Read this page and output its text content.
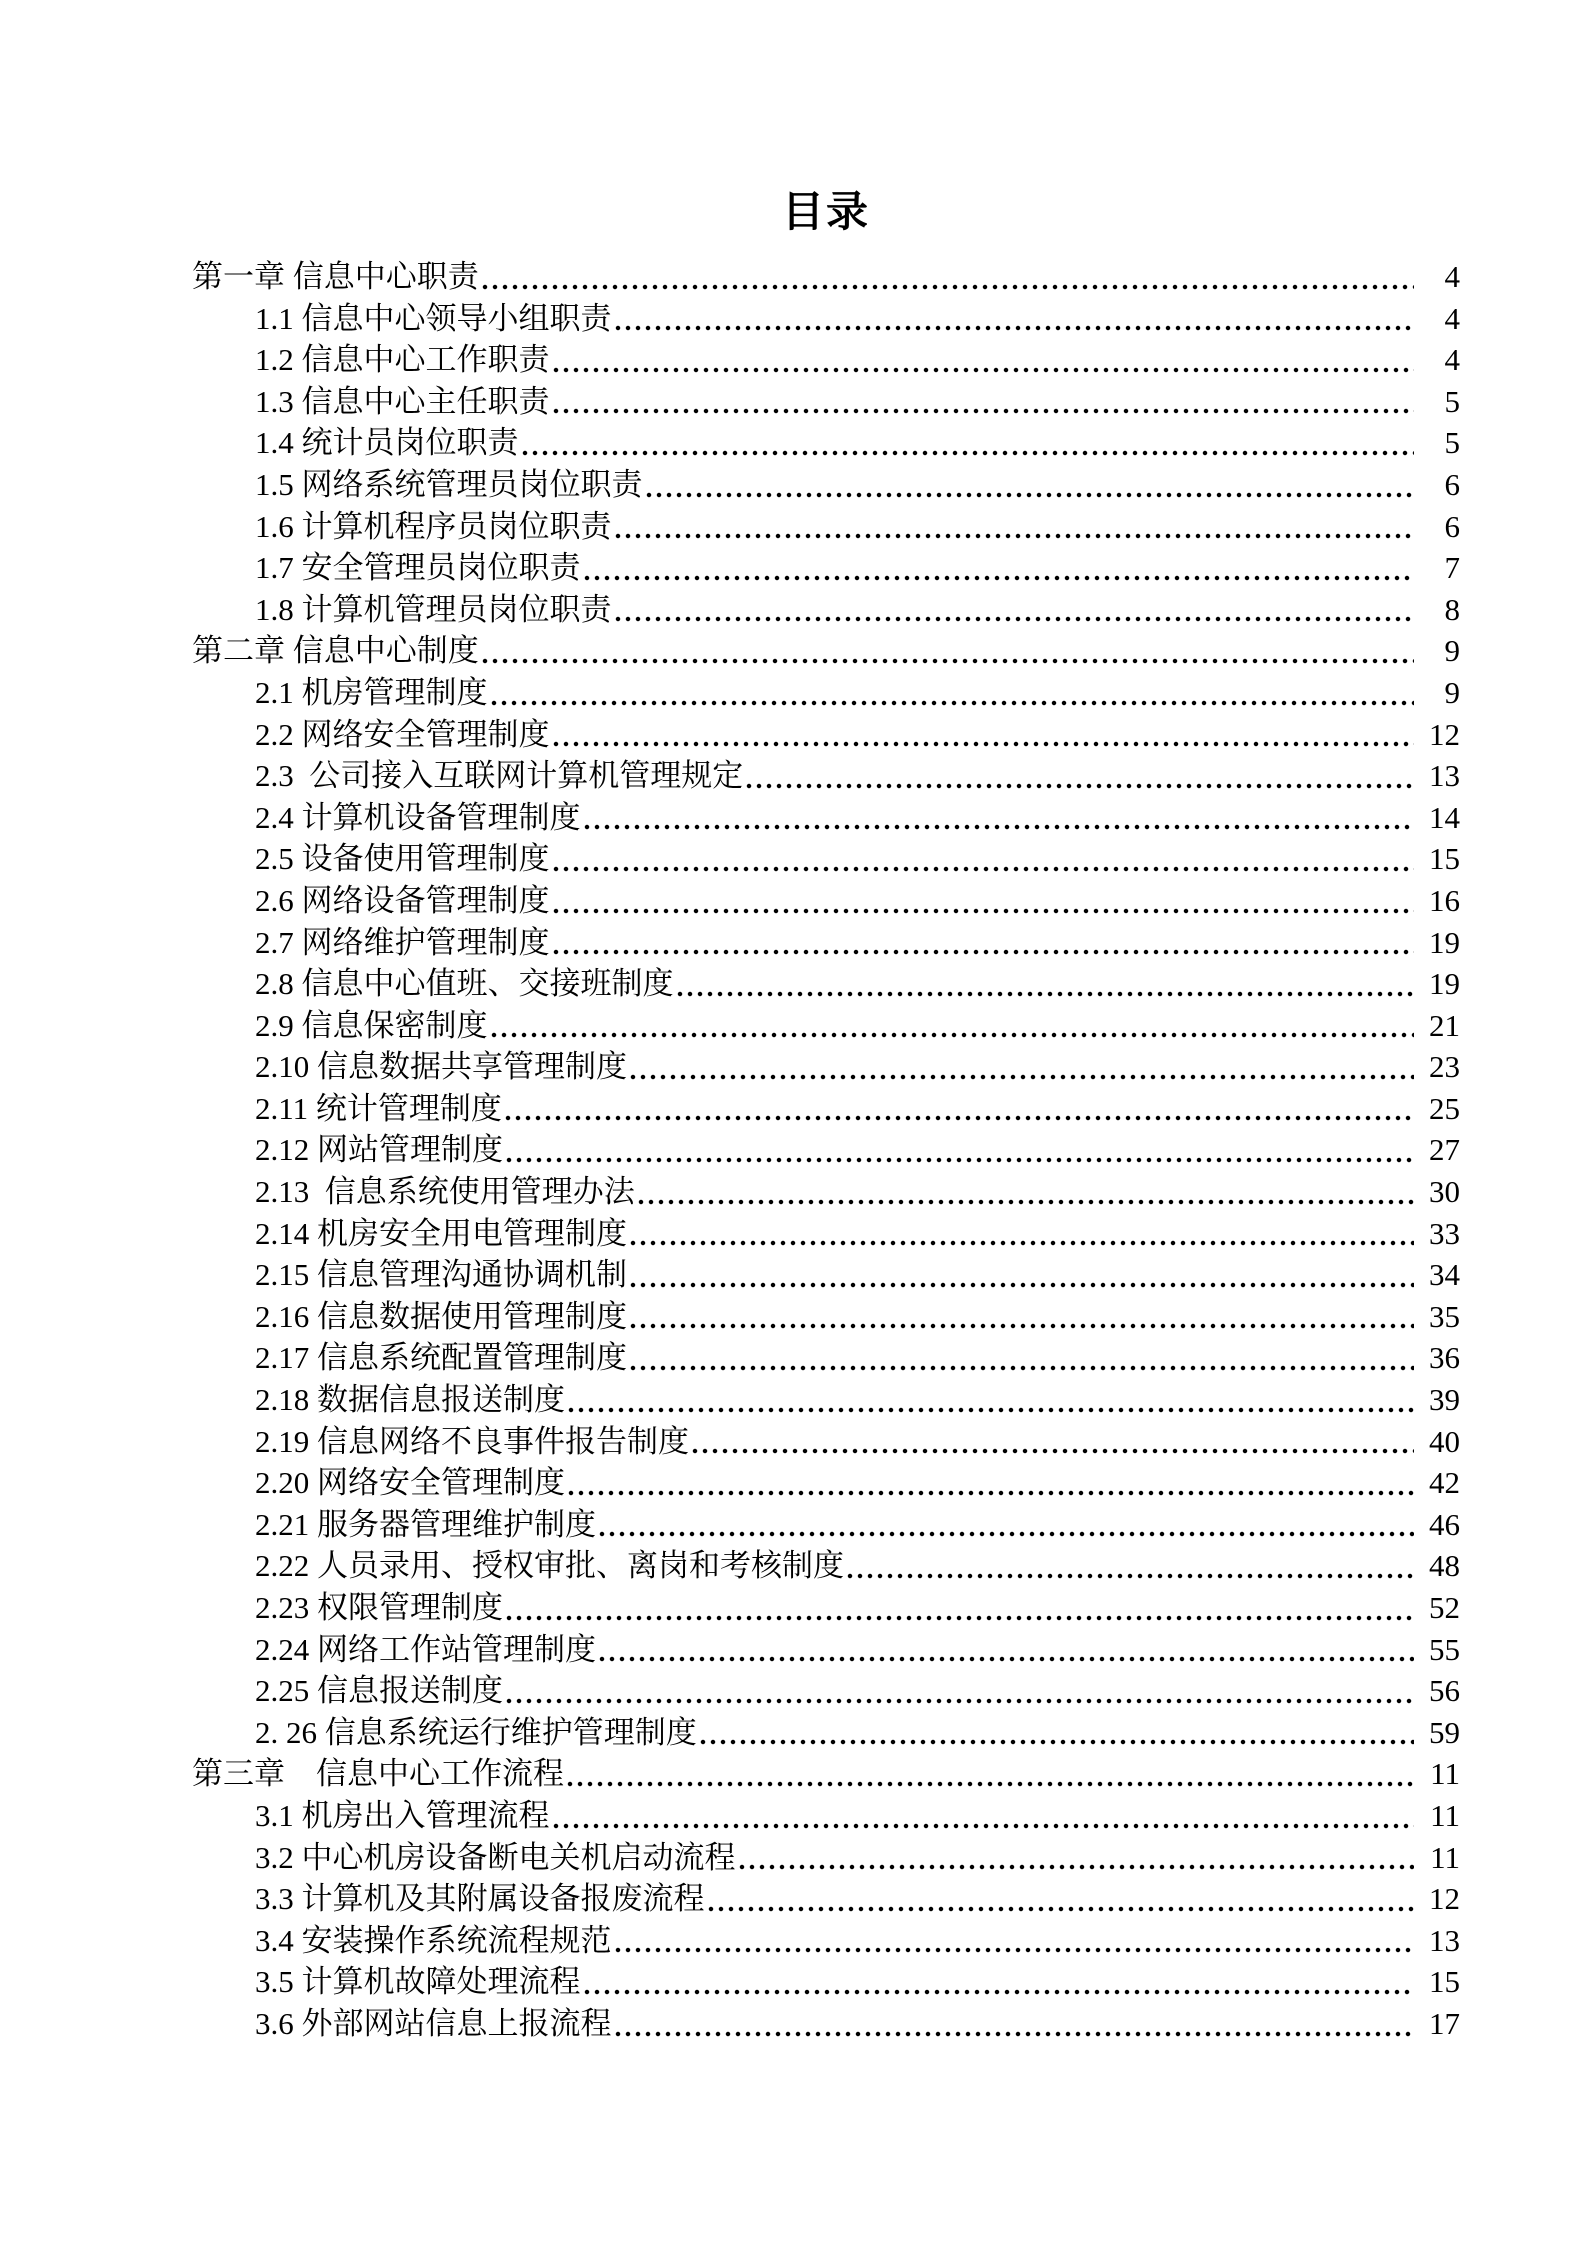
目录
第一章 信息中心职责	4
1.1 信息中心领导小组职责	4
1.2 信息中心工作职责	4
1.3 信息中心主任职责	5
1.4 统计员岗位职责	5
1.5 网络系统管理员岗位职责	6
1.6 计算机程序员岗位职责	6
1.7 安全管理员岗位职责	7
1.8 计算机管理员岗位职责	8
第二章 信息中心制度	9
2.1 机房管理制度	9
2.2 网络安全管理制度	12
2.3  公司接入互联网计算机管理规定	13
2.4 计算机设备管理制度	14
2.5 设备使用管理制度	15
2.6 网络设备管理制度	16
2.7 网络维护管理制度	19
2.8 信息中心值班、交接班制度	19
2.9 信息保密制度	21
2.10 信息数据共享管理制度	23
2.11 统计管理制度	25
2.12 网站管理制度	27
2.13  信息系统使用管理办法	30
2.14 机房安全用电管理制度	33
2.15 信息管理沟通协调机制	34
2.16 信息数据使用管理制度	35
2.17 信息系统配置管理制度	36
2.18 数据信息报送制度	39
2.19 信息网络不良事件报告制度	40
2.20 网络安全管理制度	42
2.21 服务器管理维护制度	46
2.22 人员录用、授权审批、离岗和考核制度	48
2.23 权限管理制度	52
2.24 网络工作站管理制度	55
2.25 信息报送制度	56
2. 26 信息系统运行维护管理制度	59
第三章　信息中心工作流程	11
3.1 机房出入管理流程	11
3.2 中心机房设备断电关机启动流程	11
3.3 计算机及其附属设备报废流程	12
3.4 安装操作系统流程规范	13
3.5 计算机故障处理流程	15
3.6 外部网站信息上报流程	17
